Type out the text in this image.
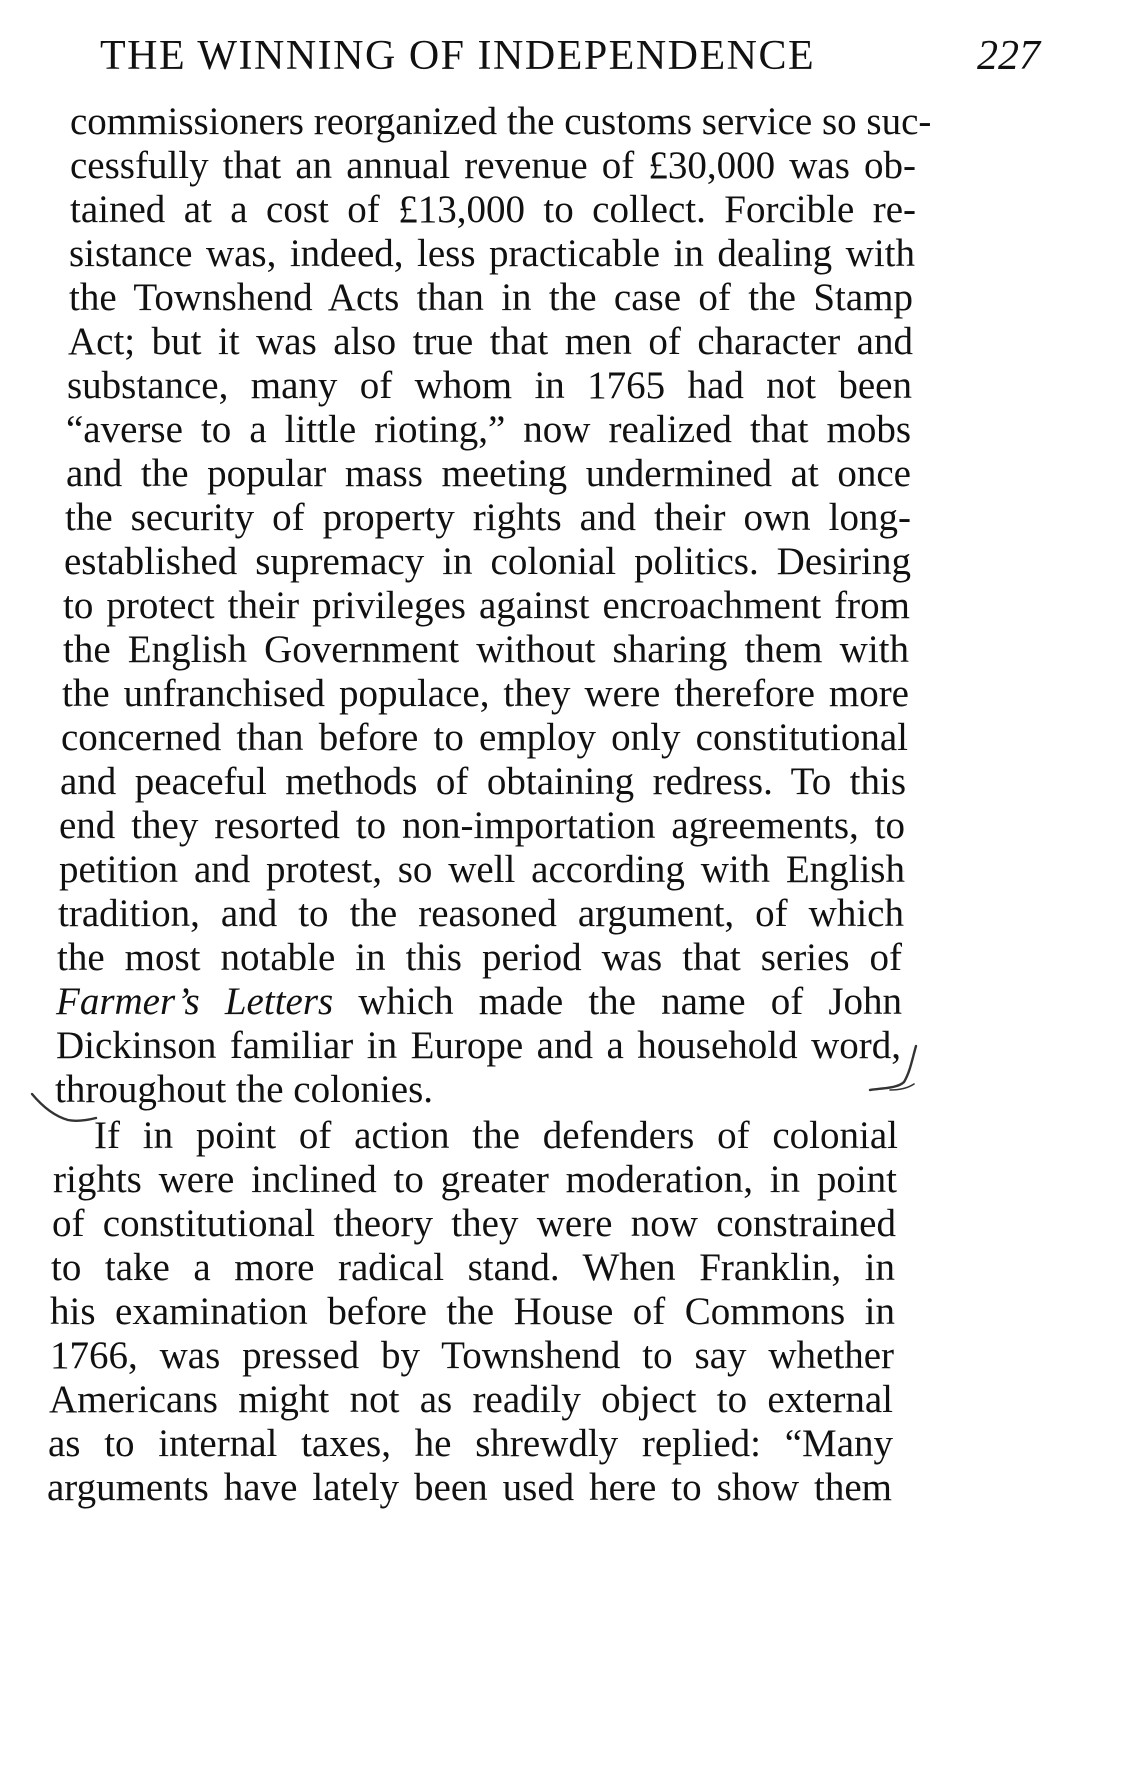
THE WINNING OF INDEPENDENCE	227

commissioners reorganized the customs service so suc-

cessfully that an annual revenue of £30,000 was ob-

tained at a cost of £13,000 to collect. Forcible re-

sistance was, indeed, less practicable in dealing with

the Townshend Acts than in the case of the Stamp

Act; but it was also true that men of character and

substance, many of whom in 1765 had not been

“averse to a little rioting,” now realized that mobs

and the popular mass meeting undermined at once

the security of property rights and their own long-

established supremacy in colonial politics. Desiring

to protect their privileges against encroachment from

the English Government without sharing them with

the unfranchised populace, they were therefore more

concerned than before to employ only constitutional

and peaceful methods of obtaining redress. To this

end they resorted to non-importation agreements, to

petition and protest, so well according with English

tradition, and to the reasoned argument, of which

the most notable in this period was that series of

Farmer’s Letters which made the name of John

Dickinson familiar in Europe and a household word,

throughout the colonies.

If in point of action the defenders of colonial

rights were inclined to greater moderation, in point

of constitutional theory they were now constrained

to take a more radical stand. When Franklin, in

his examination before the House of Commons in

1766, was pressed by Townshend to say whether

Americans might not as readily object to external

as to internal taxes, he shrewdly replied: “Many

arguments have lately been used here to show them
